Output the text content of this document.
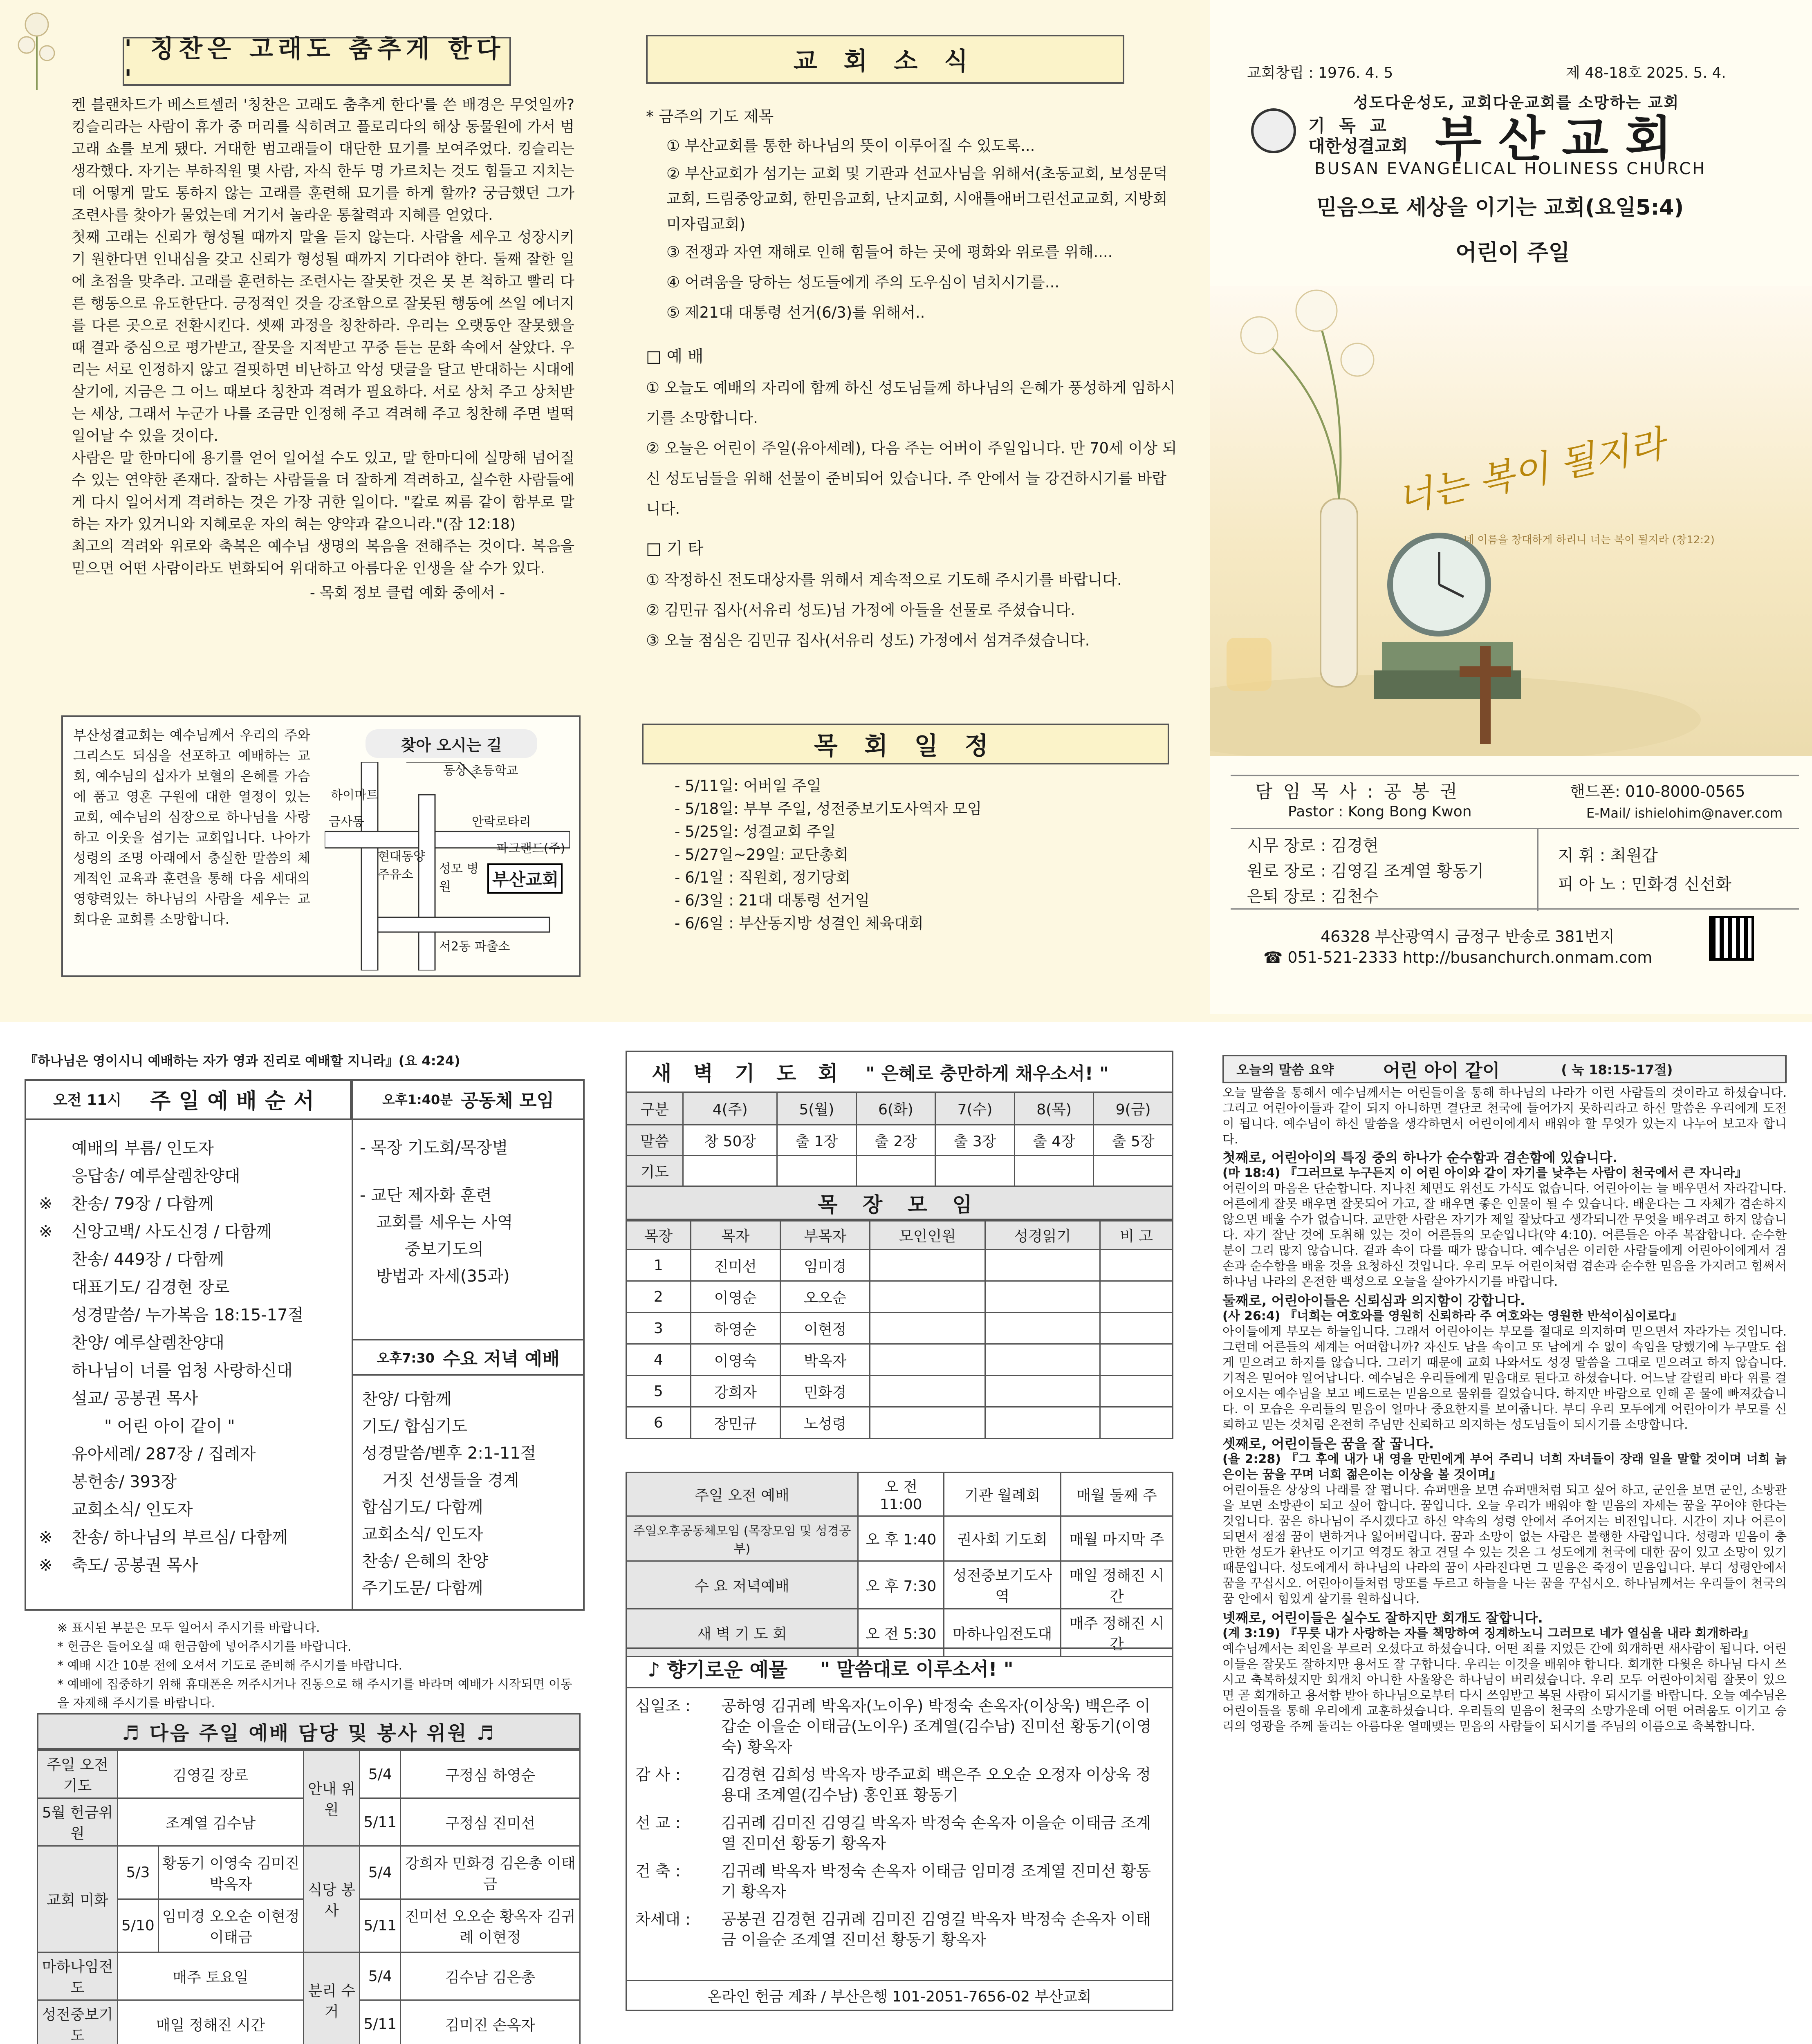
' 칭찬은 고래도 춤추게 한다 '

켄 블랜차드가 베스트셀러 '칭찬은 고래도 춤추게 한다'를 쓴 배경은 무엇일까? 킹슬리라는 사람이 휴가 중 머리를 식히려고 플로리다의 해상 동물원에 가서 범고래 쇼를 보게 됐다. 거대한 범고래들이 대단한 묘기를 보여주었다. 킹슬리는 생각했다. 자기는 부하직원 몇 사람, 자식 한두 명 가르치는 것도 힘들고 지치는데 어떻게 말도 통하지 않는 고래를 훈련해 묘기를 하게 할까? 궁금했던 그가 조련사를 찾아가 물었는데 거기서 놀라운 통찰력과 지혜를 얻었다.

첫째 고래는 신뢰가 형성될 때까지 말을 듣지 않는다. 사람을 세우고 성장시키기 원한다면 인내심을 갖고 신뢰가 형성될 때까지 기다려야 한다. 둘째 잘한 일에 초점을 맞추라. 고래를 훈련하는 조련사는 잘못한 것은 못 본 척하고 빨리 다른 행동으로 유도한단다. 긍정적인 것을 강조함으로 잘못된 행동에 쓰일 에너지를 다른 곳으로 전환시킨다. 셋째 과정을 칭찬하라. 우리는 오랫동안 잘못했을 때 결과 중심으로 평가받고, 잘못을 지적받고 꾸중 듣는 문화 속에서 살았다. 우리는 서로 인정하지 않고 걸핏하면 비난하고 악성 댓글을 달고 반대하는 시대에 살기에, 지금은 그 어느 때보다 칭찬과 격려가 필요하다. 서로 상처 주고 상처받는 세상, 그래서 누군가 나를 조금만 인정해 주고 격려해 주고 칭찬해 주면 벌떡 일어날 수 있을 것이다.

사람은 말 한마디에 용기를 얻어 일어설 수도 있고, 말 한마디에 실망해 넘어질 수 있는 연약한 존재다. 잘하는 사람들을 더 잘하게 격려하고, 실수한 사람들에게 다시 일어서게 격려하는 것은 가장 귀한 일이다. "칼로 찌름 같이 함부로 말하는 자가 있거니와 지혜로운 자의 혀는 양약과 같으니라."(잠 12:18)

최고의 격려와 위로와 축복은 예수님 생명의 복음을 전해주는 것이다. 복음을 믿으면 어떤 사람이라도 변화되어 위대하고 아름다운 인생을 살 수가 있다.

- 목회 정보 클럽 예화 중에서 -

부산성결교회는 예수님께서 우리의 주와 그리스도 되심을 선포하고 예배하는 교회, 예수님의 십자가 보혈의 은혜를 가슴에 품고 영혼 구원에 대한 열정이 있는 교회, 예수님의 심장으로 하나님을 사랑하고 이웃을 섬기는 교회입니다. 나아가 성령의 조명 아래에서 충실한 말씀의 체계적인 교육과 훈련을 통해 다음 세대의 영향력있는 하나님의 사람을 세우는 교회다운 교회를 소망합니다.

찾아 오시는 길
하이마트
금사동
동상 초등학교
안락로타리
현대동양 주유소	성모 병원
파크랜드(주)
부산교회
서2동 파출소
교 회 소 식
* 금주의 기도 제목
① 부산교회를 통한 하나님의 뜻이 이루어질 수 있도록...
② 부산교회가 섬기는 교회 및 기관과 선교사님을 위해서(초동교회, 보성문덕교회, 드림중앙교회, 한민음교회, 난지교회, 시애틀애버그린선교교회, 지방회 미자립교회)
③ 전쟁과 자연 재해로 인해 힘들어 하는 곳에 평화와 위로를 위해....
④ 어려움을 당하는 성도들에게 주의 도우심이 넘치시기를...
⑤ 제21대 대통령 선거(6/3)를 위해서..
□ 예 배
① 오늘도 예배의 자리에 함께 하신 성도님들께 하나님의 은혜가 풍성하게 임하시기를 소망합니다.
② 오늘은 어린이 주일(유아세례), 다음 주는 어버이 주일입니다. 만 70세 이상 되신 성도님들을 위해 선물이 준비되어 있습니다. 주 안에서 늘 강건하시기를 바랍니다.
□ 기 타
① 작정하신 전도대상자를 위해서 계속적으로 기도해 주시기를 바랍니다.
② 김민규 집사(서유리 성도)님 가정에 아들을 선물로 주셨습니다.
③ 오늘 점심은 김민규 집사(서유리 성도) 가정에서 섬겨주셨습니다.
목 회 일 정
- 5/11일: 어버일 주일
- 5/18일: 부부 주일, 성전중보기도사역자 모임
- 5/25일: 성결교회 주일
- 5/27일~29일: 교단총회
- 6/1일 : 직원회, 정기당회
- 6/3일 : 21대 대통령 선거일
- 6/6일 : 부산동지방 성결인 체육대회
교회창립 : 1976. 4. 5	제 48-18호 2025. 5. 4.
성도다운성도, 교회다운교회를 소망하는 교회
기 독 교
대한성결교회 부 산 교 회
BUSAN EVANGELICAL HOLINESS CHURCH
믿음으로 세상을 이기는 교회(요일5:4)
어린이 주일
너는 복이 될지라
네 이름을 창대하게 하리니 너는 복이 될지라 (창12:2)
담 임 목 사 : 공 봉 권	핸드폰: 010-8000-0565
Pastor : Kong Bong Kwon	E-Mail/ ishielohim@naver.com
시무 장로 : 김경현
원로 장로 : 김영길 조계열 황동기
은퇴 장로 : 김천수
지 휘 : 최원갑
피 아 노 : 민화경 신선화
46328 부산광역시 금정구 반송로 381번지
☎ 051-521-2333 http://busanchurch.onmam.com
『하나님은 영이시니 예배하는 자가 영과 진리로 예배할 지니라』(요 4:24)
오전 11시 주일예배순서
예배의 부름/ 인도자
응답송/ 예루살렘찬양대
※	찬송/ 79장 / 다함께
※	신앙고백/ 사도신경 / 다함께
찬송/ 449장 / 다함께
대표기도/ 김경현 장로
성경말씀/ 누가복음 18:15-17절
찬양/ 예루살렘찬양대
하나님이 너를 엄청 사랑하신대
설교/ 공봉권 목사
" 어린 아이 같이 "
유아세례/ 287장 / 집례자
봉헌송/ 393장
교회소식/ 인도자
※	찬송/ 하나님의 부르심/ 다함께
※	축도/ 공봉권 목사
오후1:40분 공동체 모임
- 목장 기도회/목장별
- 교단 제자화 훈련
교회를 세우는 사역
중보기도의
방법과 자세(35과)
오후7:30 수요 저녁 예배
찬양/ 다함께
기도/ 합심기도
성경말씀/벧후 2:1-11절
거짓 선생들을 경계
합심기도/ 다함께
교회소식/ 인도자
찬송/ 은혜의 찬양
주기도문/ 다함께
※ 표시된 부분은 모두 일어서 주시기를 바랍니다.
* 헌금은 들어오실 때 헌금함에 넣어주시기를 바랍니다.
* 예배 시간 10분 전에 오셔서 기도로 준비해 주시기를 바랍니다.
* 예배에 집중하기 위해 휴대폰은 꺼주시거나 진동으로 해 주시기를 바라며 예배가 시작되면 이동을 자제해 주시기를 바랍니다.
♬ 다음 주일 예배 담당 및 봉사 위원 ♬
주일 오전 기도	김영길 장로		안내 위원	5/4	구정심 하영순
5월 헌금위원	조계열 김수남			5/11	구정심 진미선
교회 미화	5/3	황동기 이영숙 김미진 박옥자	식당 봉사	5/4	강희자 민화경 김은총 이태금
	5/10	임미경 오오순 이현정 이태금		5/11	진미선 오오순 황옥자 김귀례 이현정
마하나임전도	매주 토요일		분리 수거	5/4	김수남 김은총
성전중보기도	매일 정해진 시간			5/11	김미진 손옥자
새 벽 기 도 회 " 은혜로 충만하게 채우소서! "
구분	4(주)	5(월)	6(화)	7(수)	8(목)	9(금)
말씀	창 50장	출 1장	출 2장	출 3장	출 4장	출 5장
기도						
목 장 모 임
목장	목자	부목자	모인인원	성경읽기	비 고
1	진미선	임미경			
2	이영순	오오순			
3	하영순	이현정			
4	이영숙	박옥자			
5	강희자	민화경			
6	장민규	노성령			
주일 오전 예배	오 전 11:00	기관 월례회	매월 둘째 주
주일오후공동체모임 (목장모임 및 성경공부)	오 후 1:40	권사회 기도회	매월 마지막 주
수 요 저녁예배	오 후 7:30	성전중보기도사역	매일 정해진 시간
새 벽 기 도 회	오 전 5:30	마하나임전도대	매주 정해진 시간
♪ 향기로운 예물 " 말씀대로 이루소서! "
십일조 :	공하영 김귀례 박옥자(노이우) 박정숙 손옥자(이상욱) 백은주 이갑순 이을순 이태금(노이우) 조계열(김수남) 진미선 황동기(이영숙) 황옥자
감 사 :	김경현 김희성 박옥자 방주교회 백은주 오오순 오정자 이상욱 정용대 조계열(김수남) 홍인표 황동기
선 교 :	김귀례 김미진 김영길 박옥자 박정숙 손옥자 이을순 이태금 조계열 진미선 황동기 황옥자
건 축 :	김귀례 박옥자 박정숙 손옥자 이태금 임미경 조계열 진미선 황동기 황옥자
차세대 :	공봉권 김경현 김귀례 김미진 김영길 박옥자 박정숙 손옥자 이태금 이을순 조계열 진미선 황동기 황옥자
온라인 헌금 계좌 / 부산은행 101-2051-7656-02 부산교회
오늘의 말씀 요약	어린 아이 같이	( 눅 18:15-17절)

오늘 말씀을 통해서 예수님께서는 어린들이을 통해 하나님의 나라가 이런 사람들의 것이라고 하셨습니다. 그리고 어린아이들과 같이 되지 아니하면 결단코 천국에 들어가지 못하리라고 하신 말씀은 우리에게 도전이 됩니다. 예수님이 하신 말씀을 생각하면서 어린이에게서 배워야 할 무엇가 있는지 나누어 보고자 합니다.

첫째로, 어린아이의 특징 중의 하나가 순수함과 겸손함에 있습니다.

(마 18:4) 『그러므로 누구든지 이 어린 아이와 같이 자기를 낮추는 사람이 천국에서 큰 자니라』

어린이의 마음은 단순합니다. 지나친 체면도 위선도 가식도 없습니다. 어린아이는 늘 배우면서 자라갑니다. 어른에게 잘못 배우면 잘못되어 가고, 잘 배우면 좋은 인물이 될 수 있습니다. 배운다는 그 자체가 겸손하지 않으면 배울 수가 없습니다. 교만한 사람은 자기가 제일 잘났다고 생각되니깐 무엇을 배우려고 하지 않습니다. 자기 잘난 것에 도취해 있는 것이 어른들의 모순입니다(약 4:10). 어른들은 아주 복잡합니다. 순수한 분이 그리 많지 않습니다. 겉과 속이 다를 때가 많습니다. 예수님은 이러한 사람들에게 어린아이에게서 겸손과 순수함을 배울 것을 요청하신 것입니다. 우리 모두 어린이처럼 겸손과 순수한 믿음을 가지려고 힘써서 하나님 나라의 온전한 백성으로 오늘을 살아가시기를 바랍니다.

둘째로, 어린아이들은 신뢰심과 의지함이 강합니다.

(사 26:4) 『너희는 여호와를 영원히 신뢰하라 주 여호와는 영원한 반석이심이로다』

아이들에게 부모는 하늘입니다. 그래서 어린아이는 부모를 절대로 의지하며 믿으면서 자라가는 것입니다. 그런데 어른들의 세계는 어떠합니까? 자신도 남을 속이고 또 남에게 수 없이 속임을 당했기에 누구말도 쉽게 믿으려고 하지를 않습니다. 그러기 때문에 교회 나와서도 성경 말씀을 그대로 믿으려고 하지 않습니다. 기적은 믿어야 일어납니다. 예수님은 우리들에게 믿음대로 된다고 하셨습니다. 어느날 갈릴리 바다 위를 걸어오시는 예수님을 보고 베드로는 믿음으로 물위를 걸었습니다. 하지만 바람으로 인해 곧 물에 빠져갔습니다. 이 모습은 우리들의 믿음이 얼마나 중요한지를 보여줍니다. 부디 우리 모두에게 어린아이가 부모를 신뢰하고 믿는 것처럼 온전히 주님만 신뢰하고 의지하는 성도님들이 되시기를 소망합니다.

셋째로, 어린이들은 꿈을 잘 꿉니다.

(욜 2:28) 『그 후에 내가 내 영을 만민에게 부어 주리니 너희 자녀들이 장래 일을 말할 것이며 너희 늙은이는 꿈을 꾸며 너희 젊은이는 이상을 볼 것이며』

어린이들은 상상의 나래를 잘 폅니다. 슈퍼맨을 보면 슈퍼맨처럼 되고 싶어 하고, 군인을 보면 군인, 소방관을 보면 소방관이 되고 싶어 합니다. 꿈입니다. 오늘 우리가 배워야 할 믿음의 자세는 꿈을 꾸어야 한다는 것입니다. 꿈은 하나님이 주시겠다고 하신 약속의 성령 안에서 주어지는 비전입니다. 시간이 지나 어른이 되면서 점점 꿈이 변하거나 잃어버립니다. 꿈과 소망이 없는 사람은 불행한 사람입니다. 성령과 믿음이 충만한 성도가 환난도 이기고 역경도 참고 견딜 수 있는 것은 그 성도에게 천국에 대한 꿈이 있고 소망이 있기 때문입니다. 성도에게서 하나님의 나라의 꿈이 사라진다면 그 믿음은 죽정이 믿음입니다. 부디 성령안에서 꿈을 꾸십시오. 어린아이들처럼 망또를 두르고 하늘을 나는 꿈을 꾸십시오. 하나님께서는 우리들이 천국의 꿈 안에서 힘있게 살기를 원하십니다.

넷째로, 어린이들은 실수도 잘하지만 회개도 잘합니다.

(계 3:19) 『무릇 내가 사랑하는 자를 책망하여 징계하노니 그러므로 네가 열심을 내라 회개하라』

예수님께서는 죄인을 부르러 오셨다고 하셨습니다. 어떤 죄를 지었든 간에 회개하면 새사람이 됩니다. 어린이들은 잘못도 잘하지만 용서도 잘 구합니다. 우리는 이것을 배워야 합니다. 회개한 다윗은 하나님 다시 쓰시고 축복하셨지만 회개치 아니한 사울왕은 하나님이 버리셨습니다. 우리 모두 어린아이처럼 잘못이 있으면 곧 회개하고 용서함 받아 하나님으로부터 다시 쓰임받고 복된 사람이 되시기를 바랍니다. 오늘 예수님은 어린이들을 통해 우리에게 교훈하셨습니다. 우리들의 믿음이 천국의 소망가운데 어떤 어려움도 이기고 승리의 영광을 주께 돌리는 아름다운 열매맺는 믿음의 사람들이 되시기를 주님의 이름으로 축복합니다.
